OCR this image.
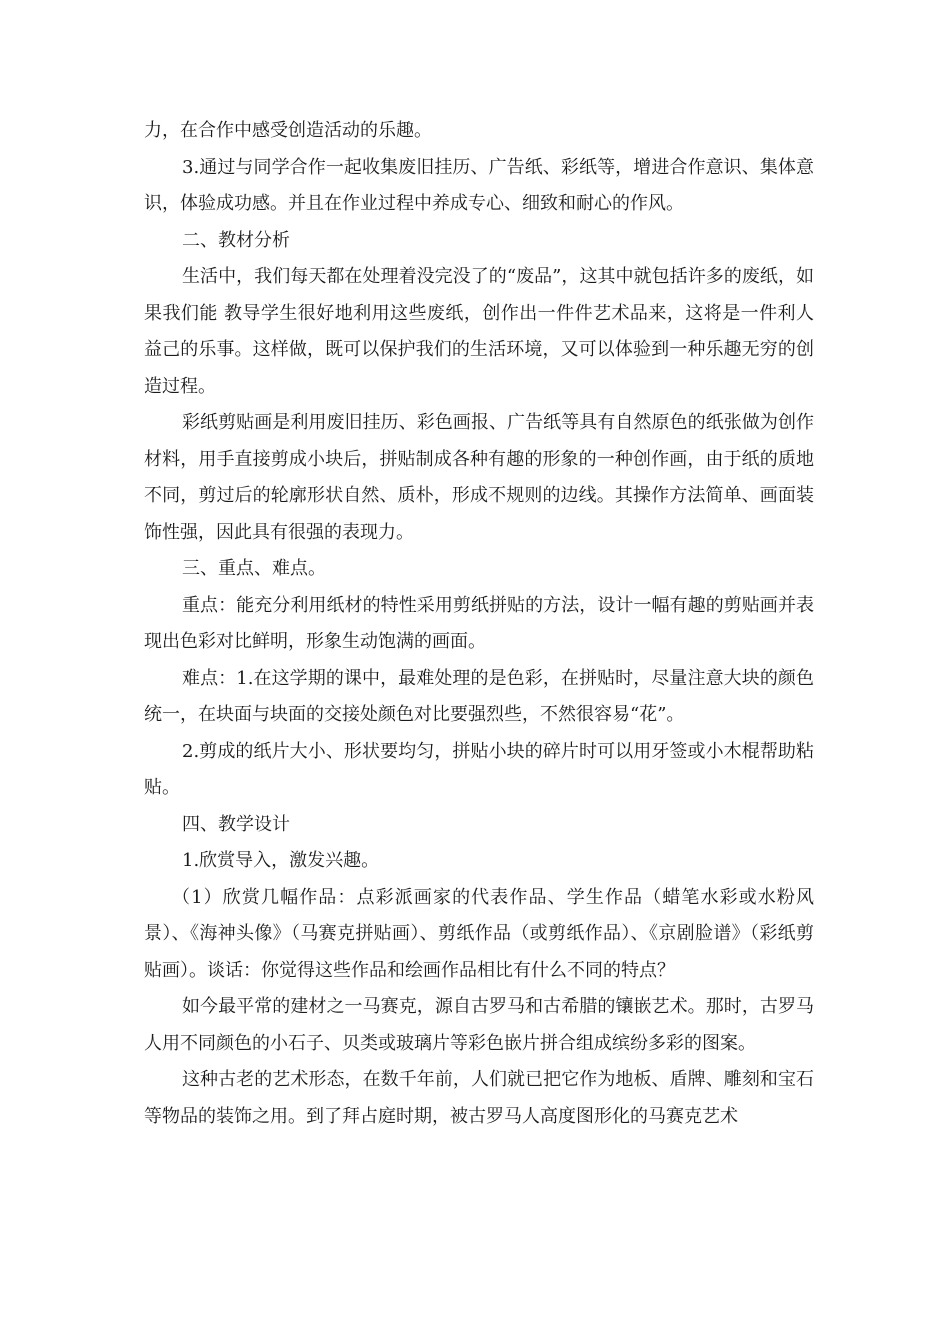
力，在合作中感受创造活动的乐趣。

3.通过与同学合作一起收集废旧挂历、广告纸、彩纸等，增进合作意识、集体意识，体验成功感。并且在作业过程中养成专心、细致和耐心的作风。

二、教材分析

生活中，我们每天都在处理着没完没了的“废品”，这其中就包括许多的废纸，如果我们能 教导学生很好地利用这些废纸，创作出一件件艺术品来，这将是一件利人益己的乐事。这样做，既可以保护我们的生活环境，又可以体验到一种乐趣无穷的创造过程。

彩纸剪贴画是利用废旧挂历、彩色画报、广告纸等具有自然原色的纸张做为创作材料，用手直接剪成小块后，拼贴制成各种有趣的形象的一种创作画，由于纸的质地不同，剪过后的轮廓形状自然、质朴，形成不规则的边线。其操作方法简单、画面装饰性强，因此具有很强的表现力。

三、重点、难点。

重点：能充分利用纸材的特性采用剪纸拼贴的方法，设计一幅有趣的剪贴画并表现出色彩对比鲜明，形象生动饱满的画面。

难点：1.在这学期的课中，最难处理的是色彩，在拼贴时，尽量注意大块的颜色统一，在块面与块面的交接处颜色对比要强烈些，不然很容易“花”。

2.剪成的纸片大小、形状要均匀，拼贴小块的碎片时可以用牙签或小木棍帮助粘贴。

四、教学设计

1.欣赏导入，激发兴趣。

（1）欣赏几幅作品：点彩派画家的代表作品、学生作品（蜡笔水彩或水粉风景）、《海神头像》（马赛克拼贴画）、剪纸作品（或剪纸作品）、《京剧脸谱》（彩纸剪贴画）。谈话：你觉得这些作品和绘画作品相比有什么不同的特点？

如今最平常的建材之一马赛克，源自古罗马和古希腊的镶嵌艺术。那时，古罗马人用不同颜色的小石子、贝类或玻璃片等彩色嵌片拼合组成缤纷多彩的图案。

这种古老的艺术形态，在数千年前，人们就已把它作为地板、盾牌、雕刻和宝石等物品的装饰之用。到了拜占庭时期，被古罗马人高度图形化的马赛克艺术
